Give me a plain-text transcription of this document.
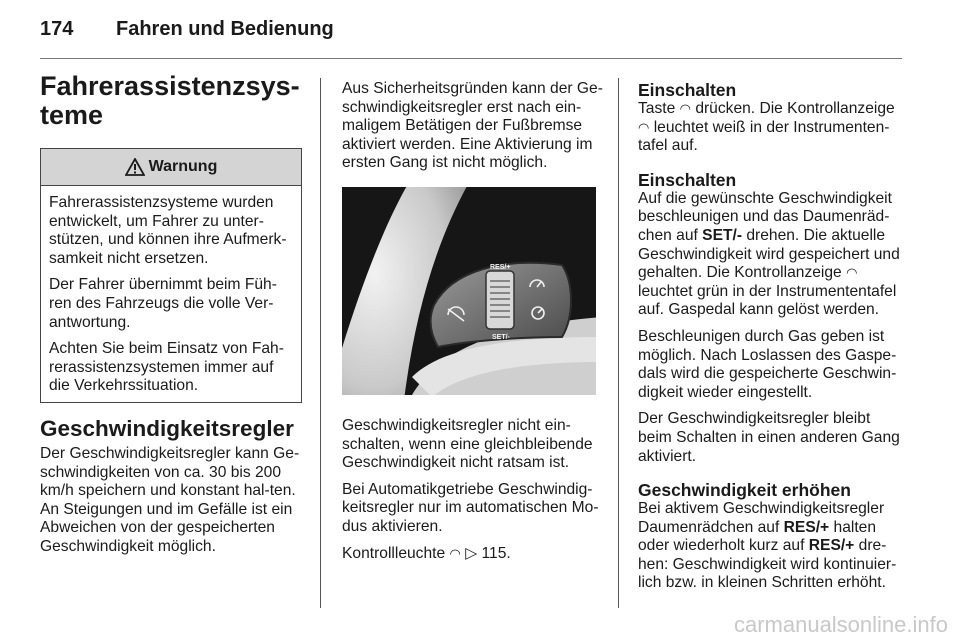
174	Fahren und Bedienung
Fahrerassistenzsys-
teme
Warnung

Fahrerassistenzsysteme wurden entwickelt, um Fahrer zu unter-stützen, und können ihre Aufmerk-samkeit nicht ersetzen.

Der Fahrer übernimmt beim Füh-ren des Fahrzeugs die volle Ver-antwortung.

Achten Sie beim Einsatz von Fah-rerassistenzsystemen immer auf die Verkehrssituation.

Geschwindigkeitsregler

Der Geschwindigkeitsregler kann Ge-schwindigkeiten von ca. 30 bis 200 km/h speichern und konstant hal-ten. An Steigungen und im Gefälle ist ein Abweichen von der gespeicherten Geschwindigkeit möglich.

Aus Sicherheitsgründen kann der Ge-schwindigkeitsregler erst nach ein-maligem Betätigen der Fußbremse aktiviert werden. Eine Aktivierung im ersten Gang ist nicht möglich.

RES/+
SET/-

Geschwindigkeitsregler nicht ein-schalten, wenn eine gleichbleibende Geschwindigkeit nicht ratsam ist.

Bei Automatikgetriebe Geschwindig-keitsregler nur im automatischen Mo-dus aktivieren.

Kontrollleuchte ◠ ▷ 115.

Einschalten

Taste ◠ drücken. Die Kontrollanzeige ◠ leuchtet weiß in der Instrumenten-tafel auf.

Einschalten

Auf die gewünschte Geschwindigkeit beschleunigen und das Daumenräd-chen auf SET/- drehen. Die aktuelle Geschwindigkeit wird gespeichert und gehalten. Die Kontrollanzeige ◠ leuchtet grün in der Instrumententafel auf. Gaspedal kann gelöst werden.

Beschleunigen durch Gas geben ist möglich. Nach Loslassen des Gaspe-dals wird die gespeicherte Geschwin-digkeit wieder eingestellt.

Der Geschwindigkeitsregler bleibt beim Schalten in einen anderen Gang aktiviert.

Geschwindigkeit erhöhen

Bei aktivem Geschwindigkeitsregler Daumenrädchen auf RES/+ halten oder wiederholt kurz auf RES/+ dre-hen: Geschwindigkeit wird kontinuier-lich bzw. in kleinen Schritten erhöht.

carmanualsonline.info
